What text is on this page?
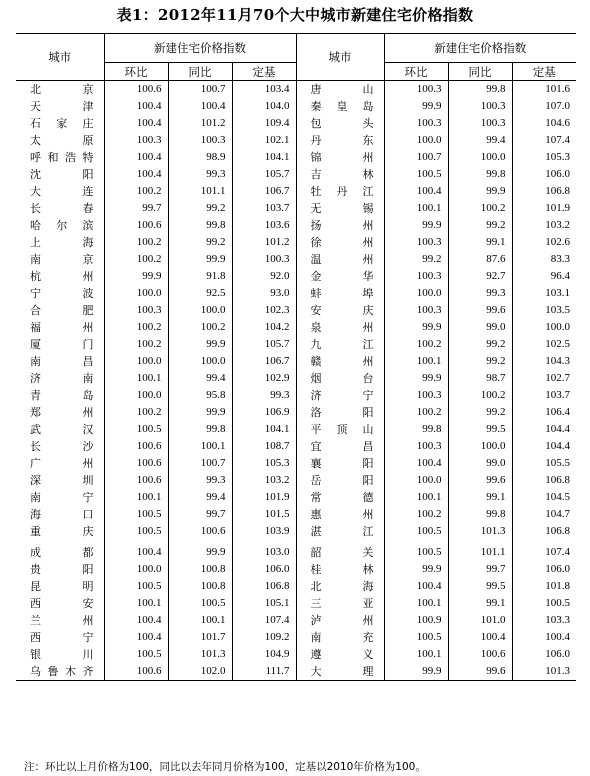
表1：2012年11月70个大中城市新建住宅价格指数
城市	新建住宅价格指数			城市	新建住宅价格指数		
	环比	同比	定基		环比	同比	定基
北　京	100.6	100.7	103.4	唐　山	100.3	99.8	101.6
天　津	100.4	100.4	104.0	秦皇岛	99.9	100.3	107.0
石家庄	100.4	101.2	109.4	包　头	100.3	100.3	104.6
太　原	100.3	100.3	102.1	丹　东	100.0	99.4	107.4
呼和浩特	100.4	98.9	104.1	锦　州	100.7	100.0	105.3
沈　阳	100.4	99.3	105.7	吉　林	100.5	99.8	106.0
大　连	100.2	101.1	106.7	牡丹江	100.4	99.9	106.8
长　春	99.7	99.2	103.7	无　锡	100.1	100.2	101.9
哈尔滨	100.6	99.8	103.6	扬　州	99.9	99.2	103.2
上　海	100.2	99.2	101.2	徐　州	100.3	99.1	102.6
南　京	100.2	99.9	100.3	温　州	99.2	87.6	83.3
杭　州	99.9	91.8	92.0	金　华	100.3	92.7	96.4
宁　波	100.0	92.5	93.0	蚌　埠	100.0	99.3	103.1
合　肥	100.3	100.0	102.3	安　庆	100.3	99.6	103.5
福　州	100.2	100.2	104.2	泉　州	99.9	99.0	100.0
厦　门	100.2	99.9	105.7	九　江	100.2	99.2	102.5
南　昌	100.0	100.0	106.7	赣　州	100.1	99.2	104.3
济　南	100.1	99.4	102.9	烟　台	99.9	98.7	102.7
青　岛	100.0	95.8	99.3	济　宁	100.3	100.2	103.7
郑　州	100.2	99.9	106.9	洛　阳	100.2	99.2	106.4
武　汉	100.5	99.8	104.1	平顶山	99.8	99.5	104.4
长　沙	100.6	100.1	108.7	宜　昌	100.3	100.0	104.4
广　州	100.6	100.7	105.3	襄　阳	100.4	99.0	105.5
深　圳	100.6	99.3	103.2	岳　阳	100.0	99.6	106.8
南　宁	100.1	99.4	101.9	常　德	100.1	99.1	104.5
海　口	100.5	99.7	101.5	惠　州	100.2	99.8	104.7
重　庆	100.5	100.6	103.9	湛　江	100.5	101.3	106.8

成　都	100.4	99.9	103.0	韶　关	100.5	101.1	107.4
贵　阳	100.0	100.8	106.0	桂　林	99.9	99.7	106.0
昆　明	100.5	100.8	106.8	北　海	100.4	99.5	101.8
西　安	100.1	100.5	105.1	三　亚	100.1	99.1	100.5
兰　州	100.4	100.1	107.4	泸　州	100.9	101.0	103.3
西　宁	100.4	101.7	109.2	南　充	100.5	100.4	100.4
银　川	100.5	101.3	104.9	遵　义	100.1	100.6	106.0
乌鲁木齐	100.6	102.0	111.7	大　理	99.9	99.6	101.3
注：环比以上月价格为100，同比以去年同月价格为100，定基以2010年价格为100。
